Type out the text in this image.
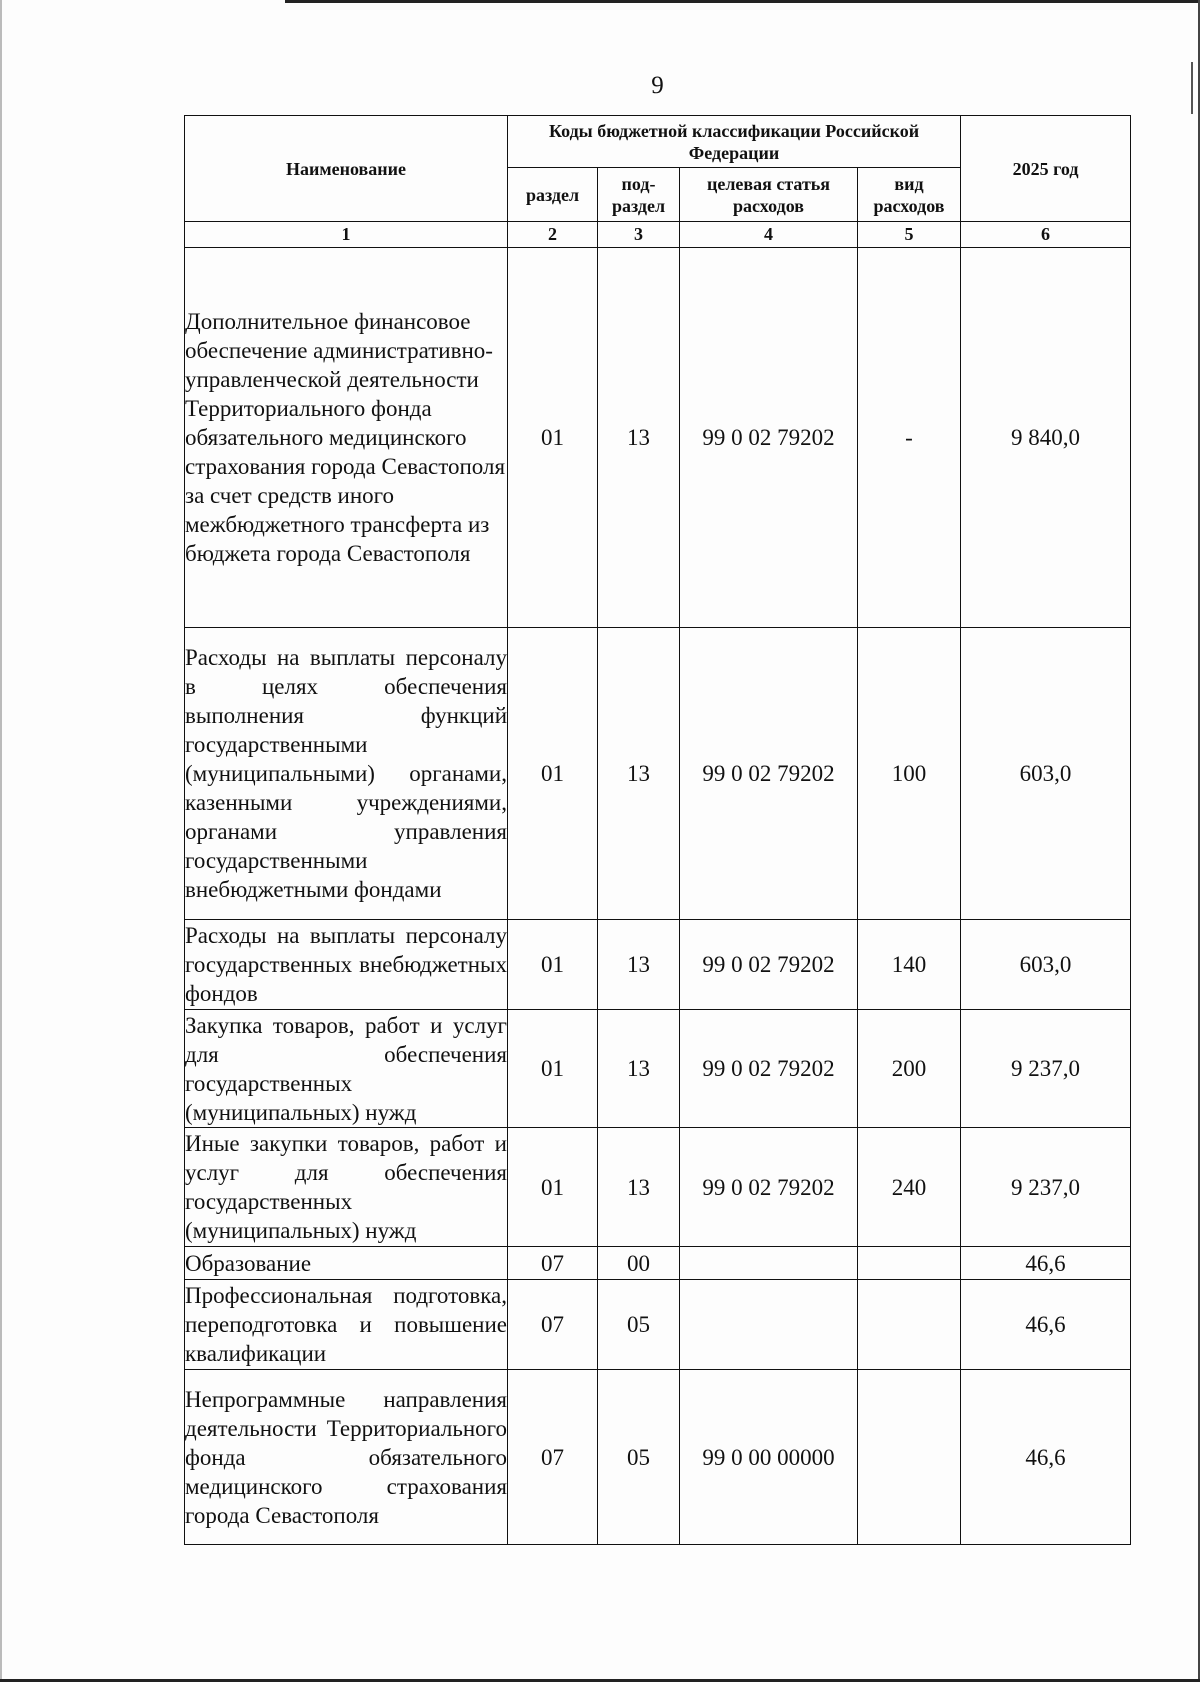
9
Наименование	Коды бюджетной классификации Российской Федерации				2025 год
	раздел	под-раздел	целевая статья расходов	вид расходов	
1	2	3	4	5	6
Дополнительное финансовое обеспечение административно-управленческой деятельности Территориального фонда обязательного медицинского страхования города Севастополя за счет средств иного межбюджетного трансферта из бюджета города Севастополя	01	13	99 0 02 79202	-	9 840,0
Расходы на выплаты персоналу в целях обеспечения выполнения функций государственными (муниципальными) органами, казенными учреждениями, органами управления государственными внебюджетными фондами	01	13	99 0 02 79202	100	603,0
Расходы на выплаты персоналу государственных внебюджетных фондов	01	13	99 0 02 79202	140	603,0
Закупка товаров, работ и услуг для обеспечения государственных (муниципальных) нужд	01	13	99 0 02 79202	200	9 237,0
Иные закупки товаров, работ и услуг для обеспечения государственных (муниципальных) нужд	01	13	99 0 02 79202	240	9 237,0
Образование	07	00			46,6
Профессиональная подготовка, переподготовка и повышение квалификации	07	05			46,6
Непрограммные направления деятельности Территориального фонда обязательного медицинского страхования города Севастополя	07	05	99 0 00 00000		46,6
